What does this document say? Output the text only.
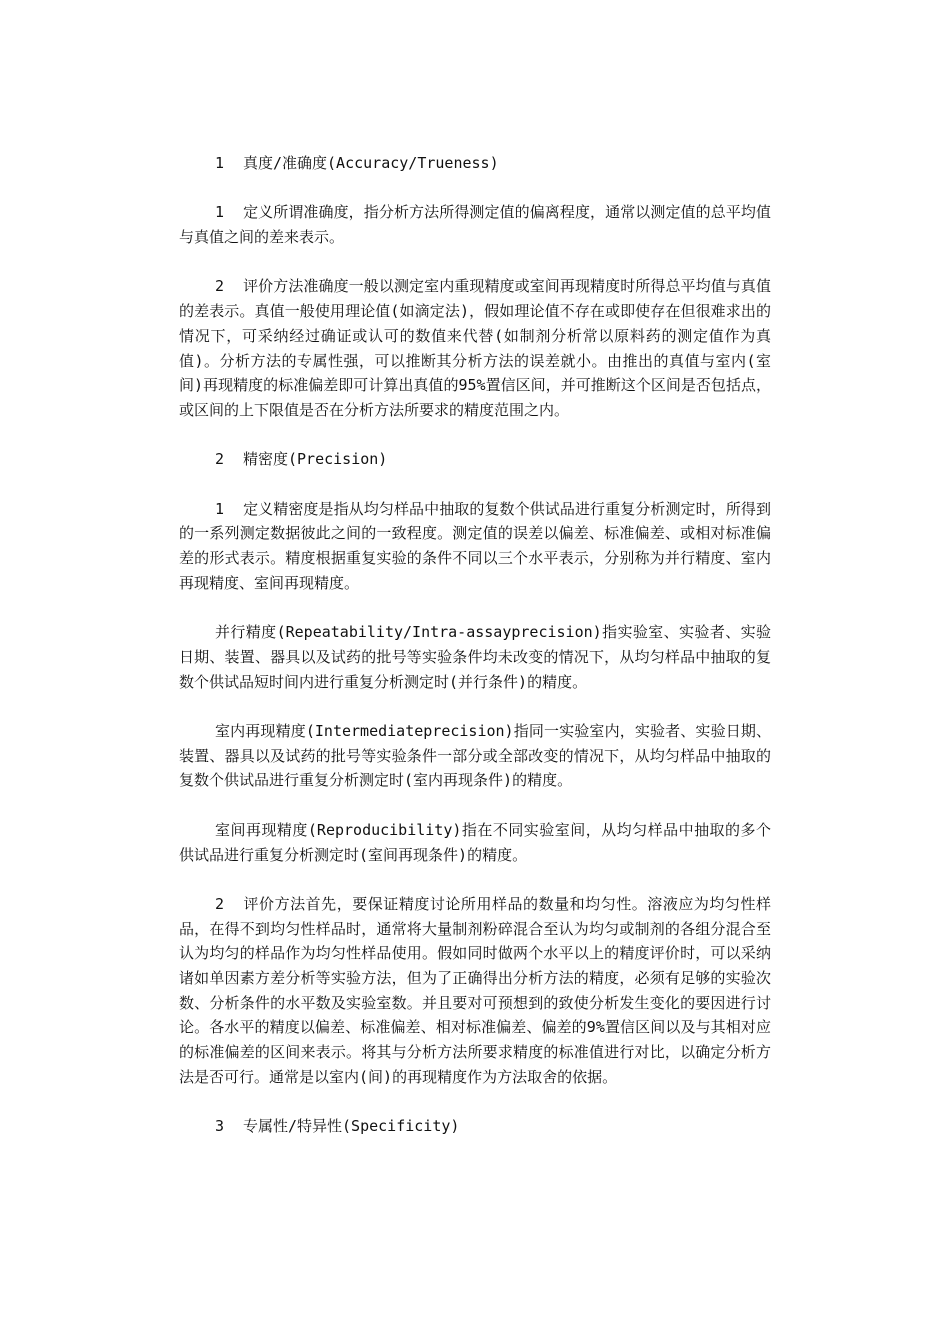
1 真度/准确度(Accuracy/Trueness)

1 定义所谓准确度，指分析方法所得测定值的偏离程度，通常以测定值的总平均值与真值之间的差来表示。

2 评价方法准确度一般以测定室内重现精度或室间再现精度时所得总平均值与真值的差表示。真值一般使用理论值(如滴定法)，假如理论值不存在或即使存在但很难求出的情况下，可采纳经过确证或认可的数值来代替(如制剂分析常以原料药的测定值作为真值)。分析方法的专属性强，可以推断其分析方法的误差就小。由推出的真值与室内(室间)再现精度的标准偏差即可计算出真值的95%置信区间，并可推断这个区间是否包括点，或区间的上下限值是否在分析方法所要求的精度范围之内。

2 精密度(Precision)

1 定义精密度是指从均匀样品中抽取的复数个供试品进行重复分析测定时，所得到的一系列测定数据彼此之间的一致程度。测定值的误差以偏差、标准偏差、或相对标准偏差的形式表示。精度根据重复实验的条件不同以三个水平表示，分别称为并行精度、室内再现精度、室间再现精度。

并行精度(Repeatability/Intra-assayprecision)指实验室、实验者、实验日期、装置、器具以及试药的批号等实验条件均未改变的情况下，从均匀样品中抽取的复数个供试品短时间内进行重复分析测定时(并行条件)的精度。

室内再现精度(Intermediateprecision)指同一实验室内，实验者、实验日期、装置、器具以及试药的批号等实验条件一部分或全部改变的情况下，从均匀样品中抽取的复数个供试品进行重复分析测定时(室内再现条件)的精度。

室间再现精度(Reproducibility)指在不同实验室间，从均匀样品中抽取的多个供试品进行重复分析测定时(室间再现条件)的精度。

2 评价方法首先，要保证精度讨论所用样品的数量和均匀性。溶液应为均匀性样品，在得不到均匀性样品时，通常将大量制剂粉碎混合至认为均匀或制剂的各组分混合至认为均匀的样品作为均匀性样品使用。假如同时做两个水平以上的精度评价时，可以采纳诸如单因素方差分析等实验方法，但为了正确得出分析方法的精度，必须有足够的实验次数、分析条件的水平数及实验室数。并且要对可预想到的致使分析发生变化的要因进行讨论。各水平的精度以偏差、标准偏差、相对标准偏差、偏差的9%置信区间以及与其相对应的标准偏差的区间来表示。将其与分析方法所要求精度的标准值进行对比，以确定分析方法是否可行。通常是以室内(间)的再现精度作为方法取舍的依据。

3 专属性/特异性(Specificity)
